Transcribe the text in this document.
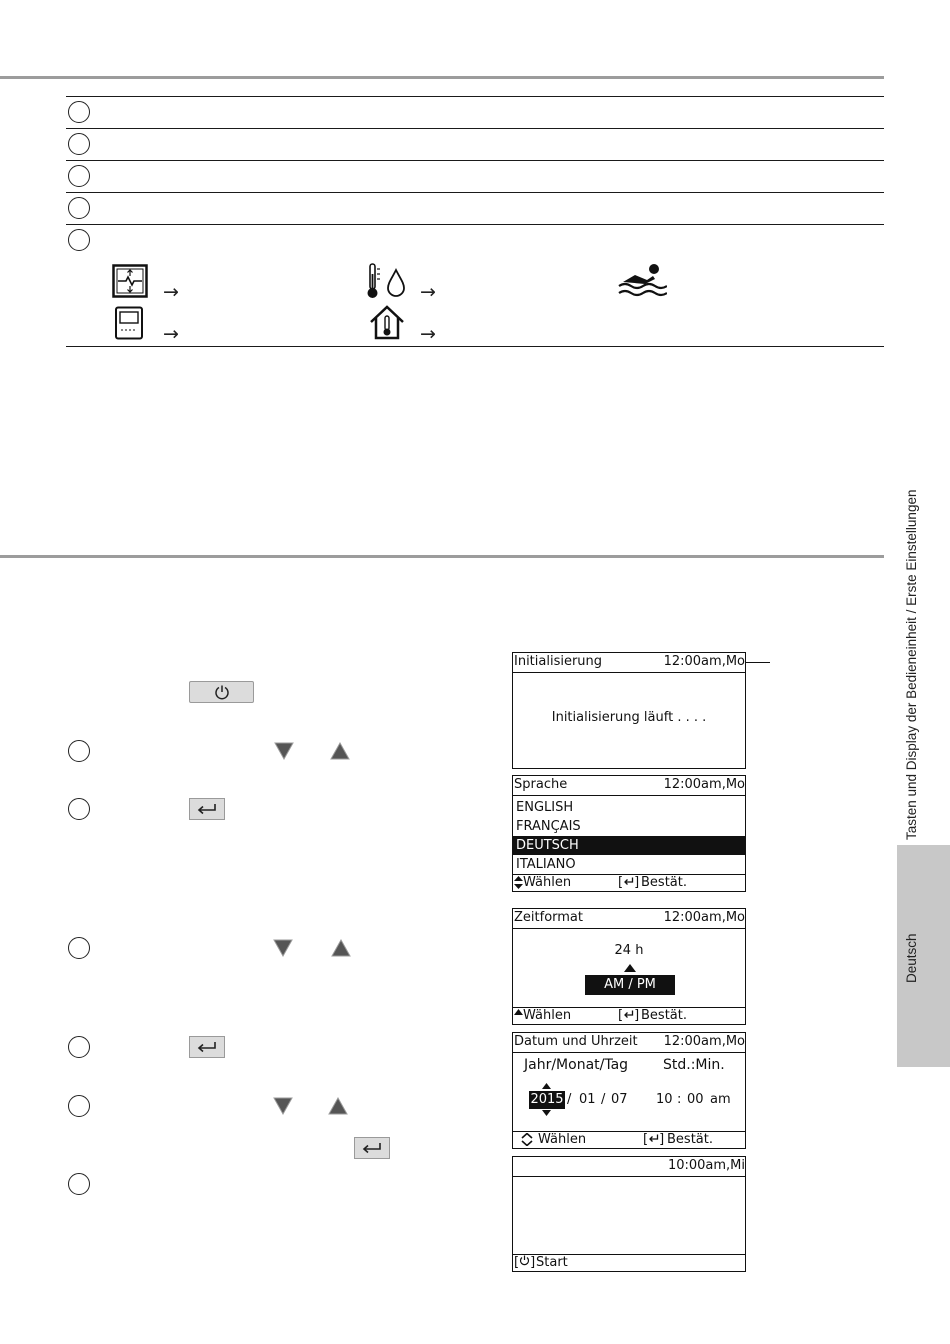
→	→
→	→
Initialisierung	12:00am,Mo
Initialisierung läuft . . . .
Sprache	12:00am,Mo
ENGLISH
FRANÇAIS
DEUTSCH
ITALIANO
Wählen	[ ] Bestät.
Zeitformat	12:00am,Mo
24 h
AM / PM
Wählen	[ ] Bestät.
Datum und Uhrzeit 12:00am,Mo
Jahr/Monat/Tag Std.:Min.
2015 / 01 / 07 10 : 00 am
Wählen	[ ] Bestät.
10:00am,Mi
[ ] Start
Tasten und Display der Bedieneinheit / Erste Einstellungen
Deutsch
